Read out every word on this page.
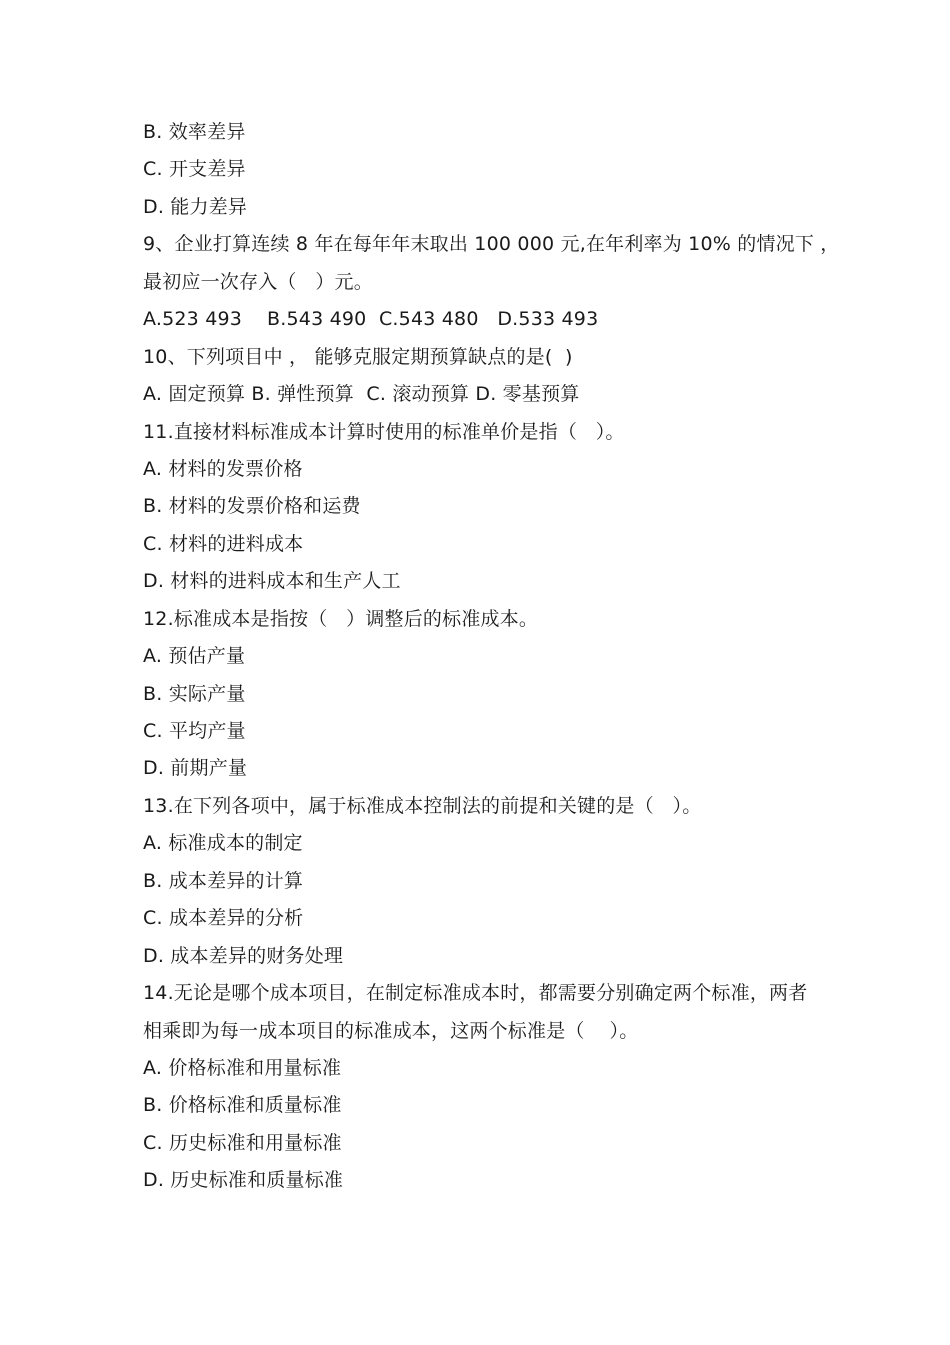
B. 效率差异
C. 开支差异
D. 能力差异
9、企业打算连续 8 年在每年年末取出 100 000 元,在年利率为 10% 的情况下 ，
最初应一次存入（   ）元。
A.523 493    B.543 490  C.543 480   D.533 493
10、下列项目中 ， 能够克服定期预算缺点的是(  )
A. 固定预算 B. 弹性预算  C. 滚动预算 D. 零基预算
11.直接材料标准成本计算时使用的标准单价是指（   ）。
A. 材料的发票价格
B. 材料的发票价格和运费
C. 材料的进料成本
D. 材料的进料成本和生产人工
12.标准成本是指按（   ）调整后的标准成本。
A. 预估产量
B. 实际产量
C. 平均产量
D. 前期产量
13.在下列各项中，属于标准成本控制法的前提和关键的是（   ）。
A. 标准成本的制定
B. 成本差异的计算
C. 成本差异的分析
D. 成本差异的财务处理
14.无论是哪个成本项目，在制定标准成本时，都需要分别确定两个标准，两者
相乘即为每一成本项目的标准成本，这两个标准是（    ）。
A. 价格标准和用量标准
B. 价格标准和质量标准
C. 历史标准和用量标准
D. 历史标准和质量标准
